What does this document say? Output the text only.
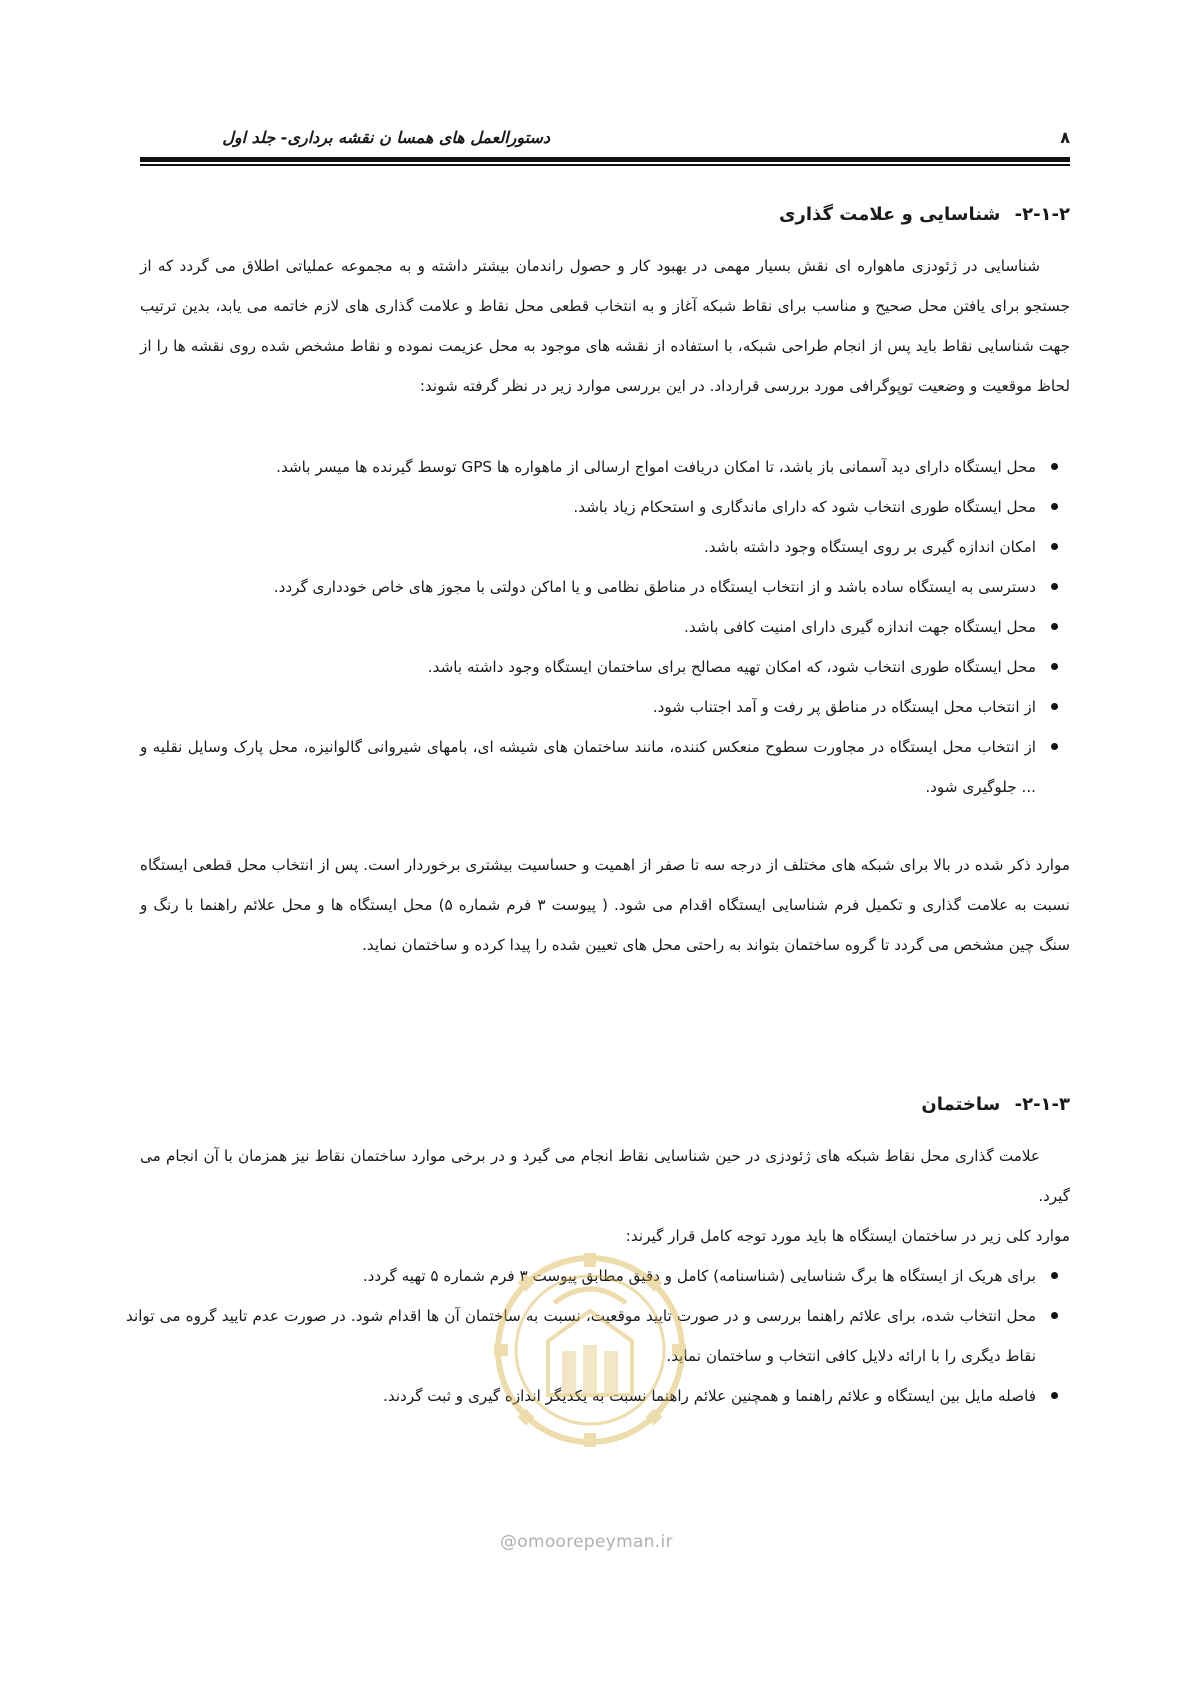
دستورالعمل های همسا ن نقشه برداری- جلد اول	۸
۲-۱-۲- شناسایی و علامت گذاری
شناسایی در ژئودزی ماهواره ای نقش بسیار مهمی در بهبود کار و حصول راندمان بیشتر داشته و به مجموعه عملیاتی اطلاق می گردد که از جستجو برای یافتن محل صحیح و مناسب برای نقاط شبکه آغاز و به انتخاب قطعی محل نقاط و علامت گذاری های لازم خاتمه می یابد، بدین ترتیب جهت شناسایی نقاط باید پس از انجام طراحی شبکه، با استفاده از نقشه های موجود به محل عزیمت نموده و نقاط مشخص شده روی نقشه ها را از لحاظ موقعیت و وضعیت توپوگرافی مورد بررسی قرارداد. در این بررسی موارد زیر در نظر گرفته شوند:
محل ایستگاه دارای دید آسمانی باز باشد، تا امکان دریافت امواج ارسالی از ماهواره ها GPS توسط گیرنده ها میسر باشد.
محل ایستگاه طوری انتخاب شود که دارای ماندگاری و استحکام زیاد باشد.
امکان اندازه گیری بر روی ایستگاه وجود داشته باشد.
دسترسی به ایستگاه ساده باشد و از انتخاب ایستگاه در مناطق نظامی و یا اماکن دولتی با مجوز های خاص خودداری گردد.
محل ایستگاه جهت اندازه گیری دارای امنیت کافی باشد.
محل ایستگاه طوری انتخاب شود، که امکان تهیه مصالح برای ساختمان ایستگاه وجود داشته باشد.
از انتخاب محل ایستگاه در مناطق پر رفت و آمد اجتناب شود.
از انتخاب محل ایستگاه در مجاورت سطوح منعکس کننده، مانند ساختمان های شیشه ای، بامهای شیروانی گالوانیزه، محل پارک وسایل نقلیه و ... جلوگیری شود.
موارد ذکر شده در بالا برای شبکه های مختلف از درجه سه تا صفر از اهمیت و حساسیت بیشتری برخوردار است. پس از انتخاب محل قطعی ایستگاه نسبت به علامت گذاری و تکمیل فرم شناسایی ایستگاه اقدام می شود. ( پیوست ۳ فرم شماره ۵) محل ایستگاه ها و محل علائم راهنما با رنگ و سنگ چین مشخص می گردد تا گروه ساختمان بتواند به راحتی محل های تعیین شده را پیدا کرده و ساختمان نماید.
۲-۱-۳- ساختمان
علامت گذاری محل نقاط شبکه های ژئودزی در حین شناسایی نقاط انجام می گیرد و در برخی موارد ساختمان نقاط نیز همزمان با آن انجام می گیرد.
موارد کلی زیر در ساختمان ایستگاه ها باید مورد توجه کامل قرار گیرند:
برای هریک از ایستگاه ها برگ شناسایی (شناسنامه) کامل و دقیق مطابق پیوست ۳ فرم شماره ۵ تهیه گردد.
محل انتخاب شده، برای علائم راهنما بررسی و در صورت تایید موقعیت، نسبت به ساختمان آن ها اقدام شود. در صورت عدم تایید گروه می تواند نقاط دیگری را با ارائه دلایل کافی انتخاب و ساختمان نماید.
فاصله مایل بین ایستگاه و علائم راهنما و همچنین علائم راهنما نسبت به یکدیگر اندازه گیری و ثبت گردند.
@omoorepeyman.ir
